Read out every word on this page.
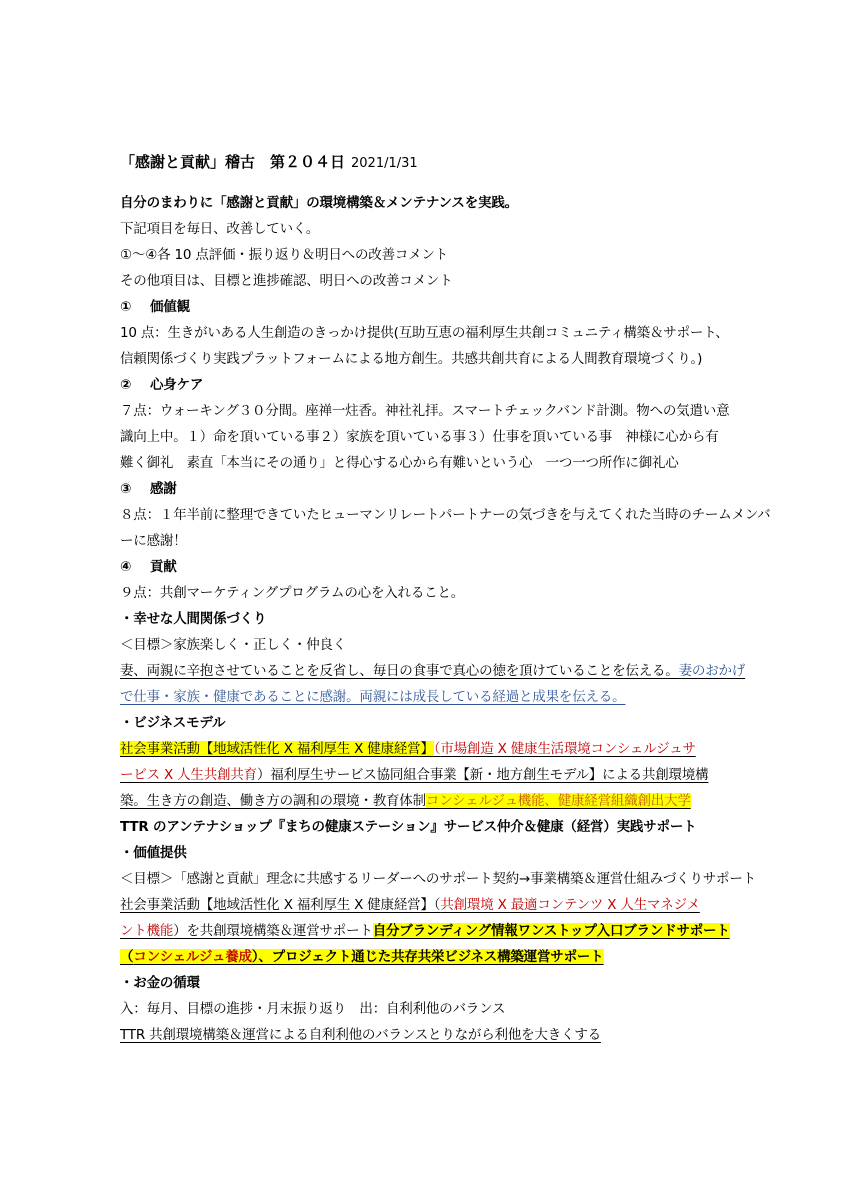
「感謝と貢献」稽古　第２０４日 2021/1/31
自分のまわりに「感謝と貢献」の環境構築＆メンテナンスを実践。
下記項目を毎日、改善していく。
①～④各 10 点評価・振り返り＆明日への改善コメント
その他項目は、目標と進捗確認、明日への改善コメント
① 価値観
10 点：生きがいある人生創造のきっかけ提供(互助互恵の福利厚生共創コミュニティ構築＆サポート、
信頼関係づくり実践プラットフォームによる地方創生。共感共創共育による人間教育環境づくり。)
② 心身ケア
７点：ウォーキング３０分間。座禅一炷香。神社礼拝。スマートチェックバンド計測。物への気遣い意
識向上中。１）命を頂いている事２）家族を頂いている事３）仕事を頂いている事　神様に心から有
難く御礼　素直「本当にその通り」と得心する心から有難いという心　一つ一つ所作に御礼心
③ 感謝
８点：１年半前に整理できていたヒューマンリレートパートナーの気づきを与えてくれた当時のチームメンバ
ーに感謝！
④ 貢献
９点：共創マーケティングプログラムの心を入れること。
・幸せな人間関係づくり
＜目標＞家族楽しく・正しく・仲良く
妻、両親に辛抱させていることを反省し、毎日の食事で真心の徳を頂けていることを伝える。妻のおかげ
で仕事・家族・健康であることに感謝。両親には成長している経過と成果を伝える。
・ビジネスモデル
社会事業活動【地域活性化 X 福利厚生 X 健康経営】（市場創造 X 健康生活環境コンシェルジュサ
ービス X 人生共創共育）福利厚生サービス協同組合事業【新・地方創生モデル】による共創環境構
築。生き方の創造、働き方の調和の環境・教育体制コンシェルジュ機能、健康経営組織創出大学
TTR のアンテナショップ『まちの健康ステーション』サービス仲介＆健康（経営）実践サポート
・価値提供
＜目標＞「感謝と貢献」理念に共感するリーダーへのサポート契約→事業構築＆運営仕組みづくりサポート
社会事業活動【地域活性化 X 福利厚生 X 健康経営】（共創環境 X 最適コンテンツ X 人生マネジメ
ント機能）を共創環境構築＆運営サポート自分ブランディング情報ワンストップ入口ブランドサポート
（コンシェルジュ養成）、プロジェクト通じた共存共栄ビジネス構築運営サポート
・お金の循環
入：毎月、目標の進捗・月末振り返り　出：自利利他のバランス
TTR 共創環境構築＆運営による自利利他のバランスとりながら利他を大きくする
